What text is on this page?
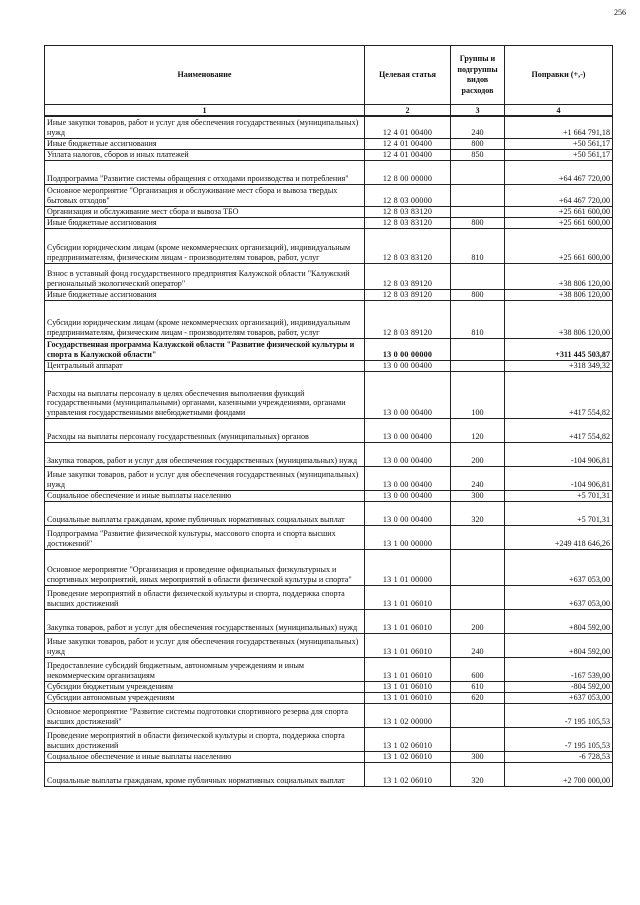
256
Наименование	Целевая статья	Группы и подгруппы видов расходов	Поправки (+,-)
1	2	3	4
Иные закупки товаров, работ и услуг для обеспечения государственных (муниципальных) нужд	12 4 01 00400	240	+1 664 791,18
Иные бюджетные ассигнования	12 4 01 00400	800	+50 561,17
Уплата налогов, сборов и иных платежей	12 4 01 00400	850	+50 561,17
Подпрограмма "Развитие системы обращения с отходами производства и потребления"	12 8 00 00000		+64 467 720,00
Основное мероприятие "Организация и обслуживание мест сбора и вывоза твердых бытовых отходов"	12 8 03 00000		+64 467 720,00
Организация и обслуживание мест сбора и вывоза ТБО	12 8 03 83120		+25 661 600,00
Иные бюджетные ассигнования	12 8 03 83120	800	+25 661 600,00
Субсидии юридическим лицам (кроме некоммерческих организаций), индивидуальным предпринимателям, физическим лицам - производителям товаров, работ, услуг	12 8 03 83120	810	+25 661 600,00
Взнос в уставный фонд государственного предприятия Калужской области "Калужский региональный экологический оператор"	12 8 03 89120		+38 806 120,00
Иные бюджетные ассигнования	12 8 03 89120	800	+38 806 120,00
Субсидии юридическим лицам (кроме некоммерческих организаций), индивидуальным предпринимателям, физическим лицам - производителям товаров, работ, услуг	12 8 03 89120	810	+38 806 120,00
Государственная программа Калужской области "Развитие физической культуры и спорта в Калужской области"	13 0 00 00000		+311 445 503,87
Центральный аппарат	13 0 00 00400		+318 349,32
Расходы на выплаты персоналу в целях обеспечения выполнения функций государственными (муниципальными) органами, казенными учреждениями, органами управления государственными внебюджетными фондами	13 0 00 00400	100	+417 554,82
Расходы на выплаты персоналу государственных (муниципальных) органов	13 0 00 00400	120	+417 554,82
Закупка товаров, работ и услуг для обеспечения государственных (муниципальных) нужд	13 0 00 00400	200	-104 906,81
Иные закупки товаров, работ и услуг для обеспечения государственных (муниципальных) нужд	13 0 00 00400	240	-104 906,81
Социальное обеспечение и иные выплаты населению	13 0 00 00400	300	+5 701,31
Социальные выплаты гражданам, кроме публичных нормативных социальных выплат	13 0 00 00400	320	+5 701,31
Подпрограмма "Развитие физической культуры, массового спорта и спорта высших достижений"	13 1 00 00000		+249 418 646,26
Основное мероприятие "Организация и проведение официальных физкультурных и спортивных мероприятий, иных мероприятий в области физической культуры и спорта"	13 1 01 00000		+637 053,00
Проведение мероприятий в области физической культуры и спорта, поддержка спорта высших достижений	13 1 01 06010		+637 053,00
Закупка товаров, работ и услуг для обеспечения государственных (муниципальных) нужд	13 1 01 06010	200	+804 592,00
Иные закупки товаров, работ и услуг для обеспечения государственных (муниципальных) нужд	13 1 01 06010	240	+804 592,00
Предоставление субсидий бюджетным, автономным учреждениям и иным некоммерческим организациям	13 1 01 06010	600	-167 539,00
Субсидии бюджетным учреждениям	13 1 01 06010	610	-804 592,00
Субсидии автономным учреждениям	13 1 01 06010	620	+637 053,00
Основное мероприятие "Развитие системы подготовки спортивного резерва для спорта высших достижений"	13 1 02 00000		-7 195 105,53
Проведение мероприятий в области физической культуры и спорта, поддержка спорта высших достижений	13 1 02 06010		-7 195 105,53
Социальное обеспечение и иные выплаты населению	13 1 02 06010	300	-6 728,53
Социальные выплаты гражданам, кроме публичных нормативных социальных выплат	13 1 02 06010	320	+2 700 000,00
